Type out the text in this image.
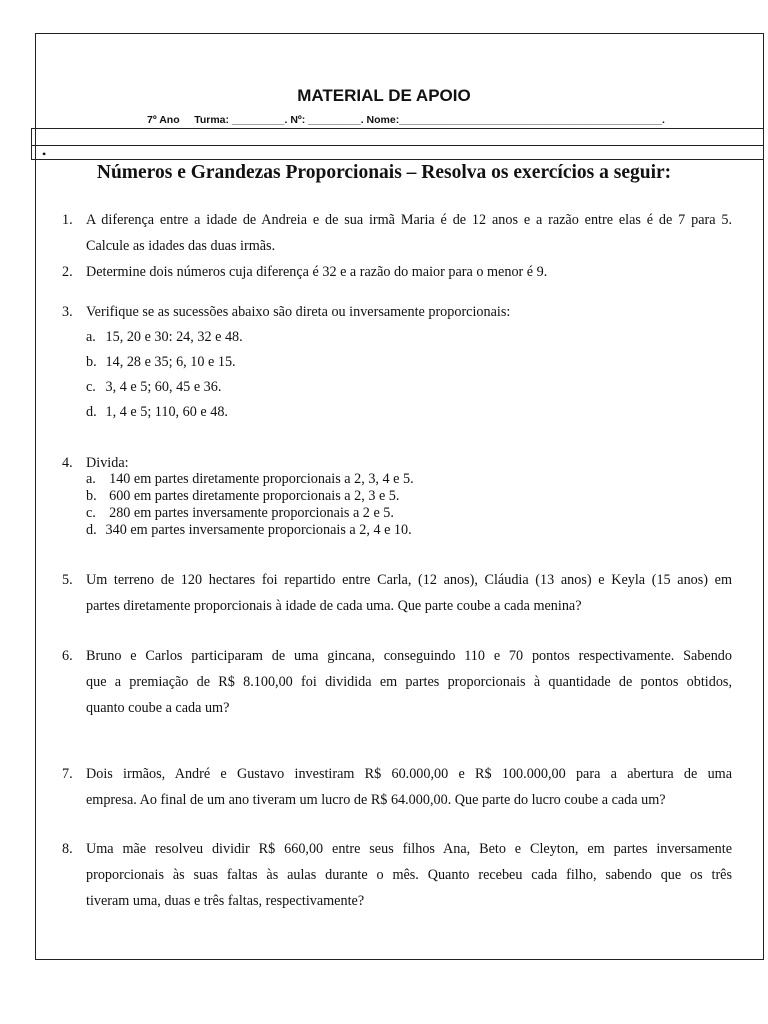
MATERIAL DE APOIO
7º Ano     Turma: _________. Nº: _________. Nome:_____________________________________________.
•
Números e Grandezas Proporcionais – Resolva os exercícios a seguir:
1. A diferença entre a idade de Andreia e de sua irmã Maria é de 12 anos e a razão entre elas é de 7 para 5.
Calcule as idades das duas irmãs.
2. Determine dois números cuja diferença é 32 e a razão do maior para o menor é 9.
3. Verifique se as sucessões abaixo são direta ou inversamente proporcionais:
a. 15, 20 e 30: 24, 32 e 48.
b. 14, 28 e 35; 6, 10 e 15.
c. 3, 4 e 5; 60, 45 e 36.
d. 1, 4 e 5; 110, 60 e 48.
4. Divida:
a. 140 em partes diretamente proporcionais a 2, 3, 4 e 5.
b. 600 em partes diretamente proporcionais a 2, 3 e 5.
c. 280 em partes inversamente proporcionais a 2 e 5.
d. 340 em partes inversamente proporcionais a 2, 4 e 10.
5. Um terreno de 120 hectares foi repartido entre Carla, (12 anos), Cláudia (13 anos) e Keyla (15 anos) em
partes diretamente proporcionais à idade de cada uma. Que parte coube a cada menina?
6. Bruno e Carlos participaram de uma gincana, conseguindo 110 e 70 pontos respectivamente. Sabendo
que a premiação de R$ 8.100,00 foi dividida em partes proporcionais à quantidade de pontos obtidos,
quanto coube a cada um?
7. Dois irmãos, André e Gustavo investiram R$ 60.000,00 e R$ 100.000,00 para a abertura de uma
empresa. Ao final de um ano tiveram um lucro de R$ 64.000,00. Que parte do lucro coube a cada um?
8. Uma mãe resolveu dividir R$ 660,00 entre seus filhos Ana, Beto e Cleyton, em partes inversamente
proporcionais às suas faltas às aulas durante o mês. Quanto recebeu cada filho, sabendo que os três
tiveram uma, duas e três faltas, respectivamente?
